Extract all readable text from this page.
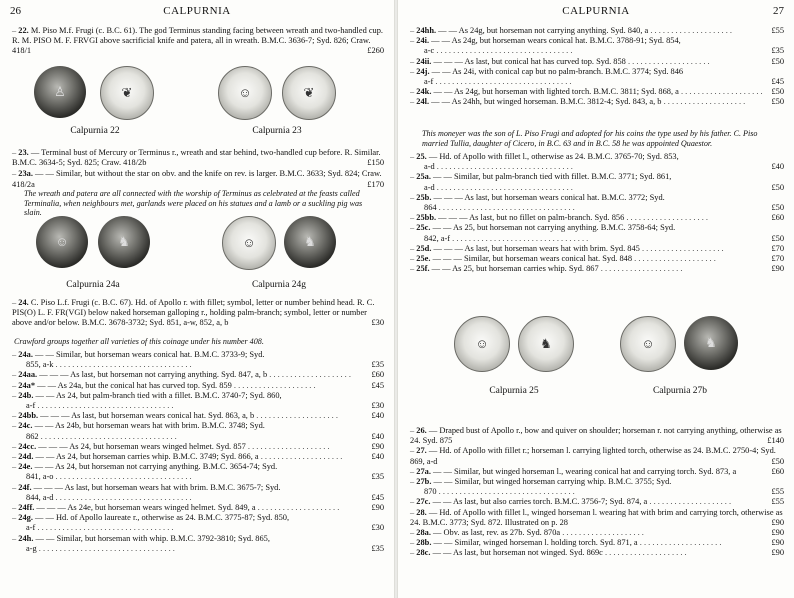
26	CALPURNIA
– 22. M. Piso M.f. Frugi (c. B.C. 61). The god Terminus standing facing between wreath and two-handled cup. R. M. PISO M. F. FRVGI above sacrificial knife and patera, all in wreath. B.M.C. 3636-7; Syd. 826; Craw. 418/1	£260
♙	❦	☺	❦
Calpurnia 22	Calpurnia 23
– 23. — Terminal bust of Mercury or Terminus r., wreath and star behind, two-handled cup before. R. Similar. B.M.C. 3634-5; Syd. 825; Craw. 418/2b	£150
– 23a. — — Similar, but without the star on obv. and the knife on rev. is larger. B.M.C. 3633; Syd. 824; Craw. 418/2a	£170

The wreath and patera are all connected with the worship of Terminus as celebrated at the feasts called Terminalia, when neighbours met, garlands were placed on his statues and a lamb or a suckling pig was slain.

☺	♞	☺	♞
Calpurnia 24a	Calpurnia 24g
– 24. C. Piso L.f. Frugi (c. B.C. 67). Hd. of Apollo r. with fillet; symbol, letter or number behind head. R. C. PIS(O) L. F. FR(VGI) below naked horseman galloping r., holding palm-branch; symbol, letter or number above and/or below. B.M.C. 3678-3732; Syd. 851, a-w, 852, a, b	£30

Crawford groups together all varieties of this coinage under his number 408.

– 24a. — — Similar, but horseman wears conical hat. B.M.C. 3733-9; Syd.
855, a-k . . . . . . . . . . . . . . . . . . . . . . . . . . . . . . . . .	£35
– 24aa. — — — As last, but horseman not carrying anything. Syd. 847, a, b . . . . . . . . . . . . . . . . . . . .	£60
– 24a* — — As 24a, but the conical hat has curved top. Syd. 859 . . . . . . . . . . . . . . . . . . . .	£45
– 24b. — — As 24, but palm-branch tied with a fillet. B.M.C. 3740-7; Syd. 860,
a-f . . . . . . . . . . . . . . . . . . . . . . . . . . . . . . . . .	£30
– 24bb. — — — As last, but horseman wears conical hat. Syd. 863, a, b . . . . . . . . . . . . . . . . . . . .	£40
– 24c. — — As 24b, but horseman wears hat with brim. B.M.C. 3748; Syd.
862 . . . . . . . . . . . . . . . . . . . . . . . . . . . . . . . . .	£40
– 24cc. — — — As 24, but horseman wears winged helmet. Syd. 857 . . . . . . . . . . . . . . . . . . . .	£90
– 24d. — — As 24, but horseman carries whip. B.M.C. 3749; Syd. 866, a . . . . . . . . . . . . . . . . . . . .	£40
– 24e. — — As 24, but horseman not carrying anything. B.M.C. 3654-74; Syd.
841, a-o . . . . . . . . . . . . . . . . . . . . . . . . . . . . . . . . .	£35
– 24f. — — — As last, but horseman wears hat with brim. B.M.C. 3675-7; Syd.
844, a-d . . . . . . . . . . . . . . . . . . . . . . . . . . . . . . . . .	£45
– 24ff. — — — As 24e, but horseman wears winged helmet. Syd. 849, a . . . . . . . . . . . . . . . . . . . .	£90
– 24g. — — Hd. of Apollo laureate r., otherwise as 24. B.M.C. 3775-87; Syd. 850,
a-f . . . . . . . . . . . . . . . . . . . . . . . . . . . . . . . . .	£30
– 24h. — — Similar, but horseman with whip. B.M.C. 3792-3810; Syd. 865,
a-g . . . . . . . . . . . . . . . . . . . . . . . . . . . . . . . . .	£35
CALPURNIA	27
– 24hh. — — As 24g, but horseman not carrying anything. Syd. 840, a . . . . . . . . . . . . . . . . . . . .	£55
– 24i. — — As 24g, but horseman wears conical hat. B.M.C. 3788-91; Syd. 854,
a-c . . . . . . . . . . . . . . . . . . . . . . . . . . . . . . . . .	£35
– 24ii. — — — As last, but conical hat has curved top. Syd. 858 . . . . . . . . . . . . . . . . . . . .	£50
– 24j. — — As 24i, with conical cap but no palm-branch. B.M.C. 3774; Syd. 846
a-f . . . . . . . . . . . . . . . . . . . . . . . . . . . . . . . . .	£45
– 24k. — — As 24g, but horseman with lighted torch. B.M.C. 3811; Syd. 868, a . . . . . . . . . . . . . . . . . . . .	£50
– 24l. — — As 24hh, but winged horseman. B.M.C. 3812-4; Syd. 843, a, b . . . . . . . . . . . . . . . . . . . .	£50

This moneyer was the son of L. Piso Frugi and adopted for his coins the type used by his father. C. Piso married Tullia, daughter of Cicero, in B.C. 63 and in B.C. 58 he was appointed Quaestor.

– 25. — Hd. of Apollo with fillet l., otherwise as 24. B.M.C. 3765-70; Syd. 853,
a-d . . . . . . . . . . . . . . . . . . . . . . . . . . . . . . . . .	£40
– 25a. — — Similar, but palm-branch tied with fillet. B.M.C. 3771; Syd. 861,
a-d . . . . . . . . . . . . . . . . . . . . . . . . . . . . . . . . .	£50
– 25b. — — — As last, but horseman wears conical hat. B.M.C. 3772; Syd.
864 . . . . . . . . . . . . . . . . . . . . . . . . . . . . . . . . .	£50
– 25bb. — — — As last, but no fillet on palm-branch. Syd. 856 . . . . . . . . . . . . . . . . . . . .	£60
– 25c. — — As 25, but horseman not carrying anything. B.M.C. 3758-64; Syd.
842, a-f . . . . . . . . . . . . . . . . . . . . . . . . . . . . . . . . .	£50
– 25d. — — — As last, but horseman wears hat with brim. Syd. 845 . . . . . . . . . . . . . . . . . . . .	£70
– 25e. — — — Similar, but horseman wears conical hat. Syd. 848 . . . . . . . . . . . . . . . . . . . .	£70
– 25f. — — As 25, but horseman carries whip. Syd. 867 . . . . . . . . . . . . . . . . . . . .	£90
☺	♞	☺	♞
Calpurnia 25	Calpurnia 27b
– 26. — Draped bust of Apollo r., bow and quiver on shoulder; horseman r. not carrying anything, otherwise as 24. Syd. 875	£140
– 27. — Hd. of Apollo with fillet r.; horseman l. carrying lighted torch, otherwise as 24. B.M.C. 2750-4; Syd. 869, a-d	£50
– 27a. — — Similar, but winged horseman l., wearing conical hat and carrying torch. Syd. 873, a	£60
– 27b. — — Similar, but winged horseman carrying whip. B.M.C. 3755; Syd.
870 . . . . . . . . . . . . . . . . . . . . . . . . . . . . . . . . .	£55
– 27c. — — As last, but also carries torch. B.M.C. 3756-7; Syd. 874, a . . . . . . . . . . . . . . . . . . . .	£55
– 28. — Hd. of Apollo with fillet l., winged horseman l. wearing hat with brim and carrying torch, otherwise as 24. B.M.C. 3773; Syd. 872. Illustrated on p. 28	£90
– 28a. — Obv. as last, rev. as 27b. Syd. 870a . . . . . . . . . . . . . . . . . . . .	£90
– 28b. — — Similar, winged horseman l. holding torch. Syd. 871, a . . . . . . . . . . . . . . . . . . . .	£90
– 28c. — — As last, but horseman not winged. Syd. 869c . . . . . . . . . . . . . . . . . . . .	£90
